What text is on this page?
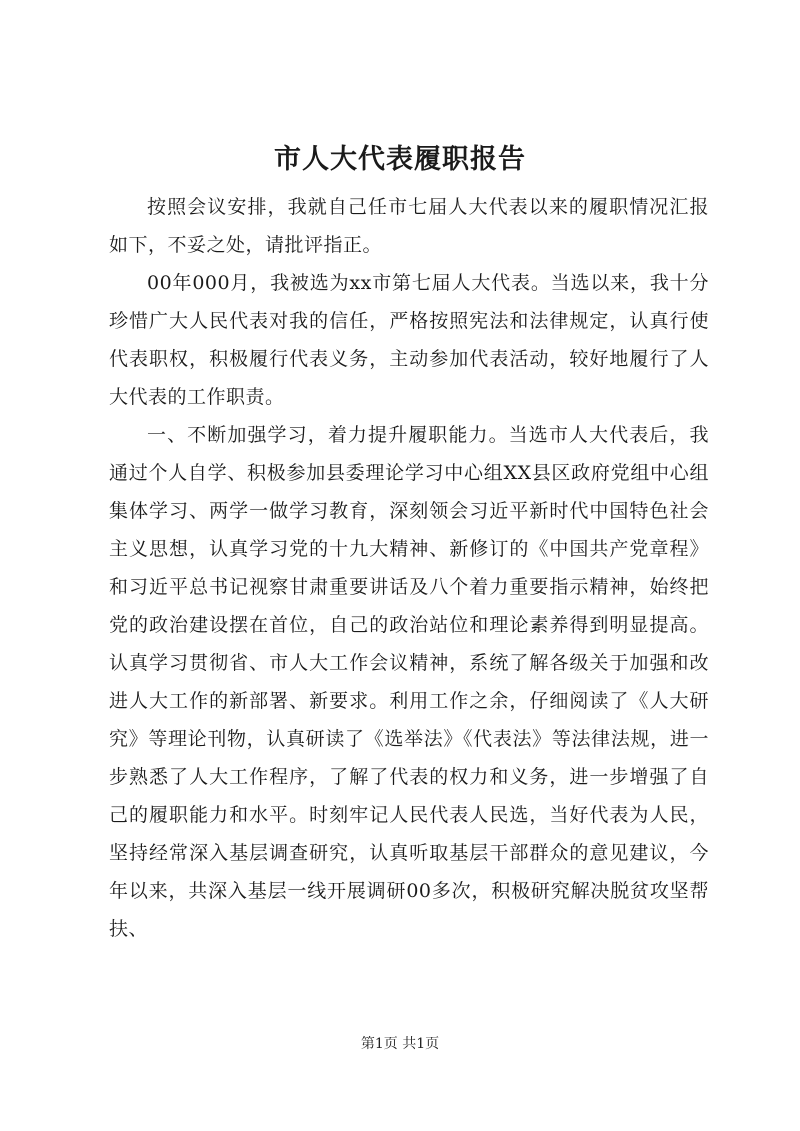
市人大代表履职报告

按照会议安排，我就自己任市七届人大代表以来的履职情况汇报如下，不妥之处，请批评指正。

00年000月，我被选为xx市第七届人大代表。当选以来，我十分珍惜广大人民代表对我的信任，严格按照宪法和法律规定，认真行使代表职权，积极履行代表义务，主动参加代表活动，较好地履行了人大代表的工作职责。

一、不断加强学习，着力提升履职能力。当选市人大代表后，我通过个人自学、积极参加县委理论学习中心组XX县区政府党组中心组集体学习、两学一做学习教育，深刻领会习近平新时代中国特色社会主义思想，认真学习党的十九大精神、新修订的《中国共产党章程》和习近平总书记视察甘肃重要讲话及八个着力重要指示精神，始终把党的政治建设摆在首位，自己的政治站位和理论素养得到明显提高。认真学习贯彻省、市人大工作会议精神，系统了解各级关于加强和改进人大工作的新部署、新要求。利用工作之余，仔细阅读了《人大研究》等理论刊物，认真研读了《选举法》《代表法》等法律法规，进一步熟悉了人大工作程序，了解了代表的权力和义务，进一步增强了自己的履职能力和水平。时刻牢记人民代表人民选，当好代表为人民，坚持经常深入基层调查研究，认真听取基层干部群众的意见建议，今年以来，共深入基层一线开展调研00多次，积极研究解决脱贫攻坚帮扶、

第1页 共1页
